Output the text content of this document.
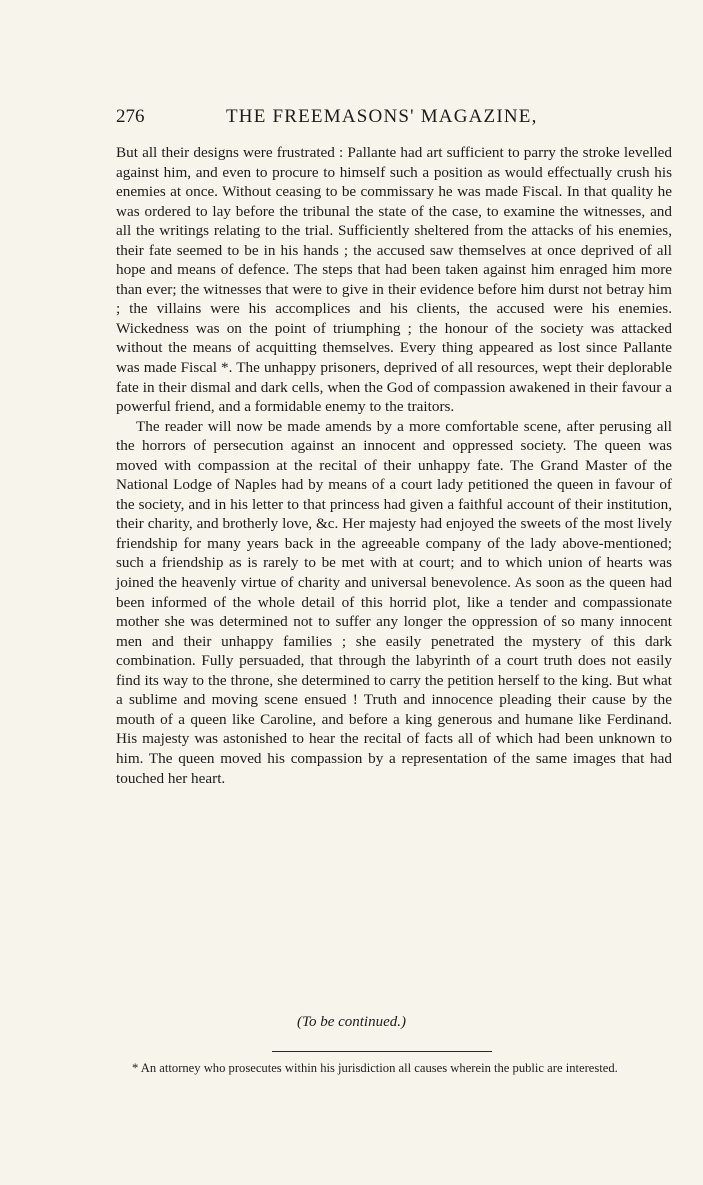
276	THE FREEMASONS' MAGAZINE,

But all their designs were frustrated : Pallante had art sufficient to parry the stroke levelled against him, and even to procure to himself such a position as would effectually crush his enemies at once. Without ceasing to be commissary he was made Fiscal. In that quality he was ordered to lay before the tribunal the state of the case, to examine the witnesses, and all the writings relating to the trial. Sufficiently sheltered from the attacks of his enemies, their fate seemed to be in his hands ; the accused saw themselves at once deprived of all hope and means of defence. The steps that had been taken against him enraged him more than ever; the witnesses that were to give in their evidence before him durst not betray him ; the villains were his accomplices and his clients, the accused were his enemies. Wickedness was on the point of triumphing ; the honour of the society was attacked without the means of acquitting themselves. Every thing appeared as lost since Pallante was made Fiscal *. The unhappy prisoners, deprived of all resources, wept their deplorable fate in their dismal and dark cells, when the God of compassion awakened in their favour a powerful friend, and a formidable enemy to the traitors.

The reader will now be made amends by a more comfortable scene, after perusing all the horrors of persecution against an innocent and oppressed society. The queen was moved with compassion at the recital of their unhappy fate. The Grand Master of the National Lodge of Naples had by means of a court lady petitioned the queen in favour of the society, and in his letter to that princess had given a faithful account of their institution, their charity, and brotherly love, &c. Her majesty had enjoyed the sweets of the most lively friendship for many years back in the agreeable company of the lady above-mentioned; such a friendship as is rarely to be met with at court; and to which union of hearts was joined the heavenly virtue of charity and universal benevolence. As soon as the queen had been informed of the whole detail of this horrid plot, like a tender and compassionate mother she was determined not to suffer any longer the oppression of so many innocent men and their unhappy families ; she easily penetrated the mystery of this dark combination. Fully persuaded, that through the labyrinth of a court truth does not easily find its way to the throne, she determined to carry the petition herself to the king. But what a sublime and moving scene ensued ! Truth and innocence pleading their cause by the mouth of a queen like Caroline, and before a king generous and humane like Ferdinand. His majesty was astonished to hear the recital of facts all of which had been unknown to him. The queen moved his compassion by a representation of the same images that had touched her heart.

(To be continued.)
* An attorney who prosecutes within his jurisdiction all causes wherein the public are interested.
